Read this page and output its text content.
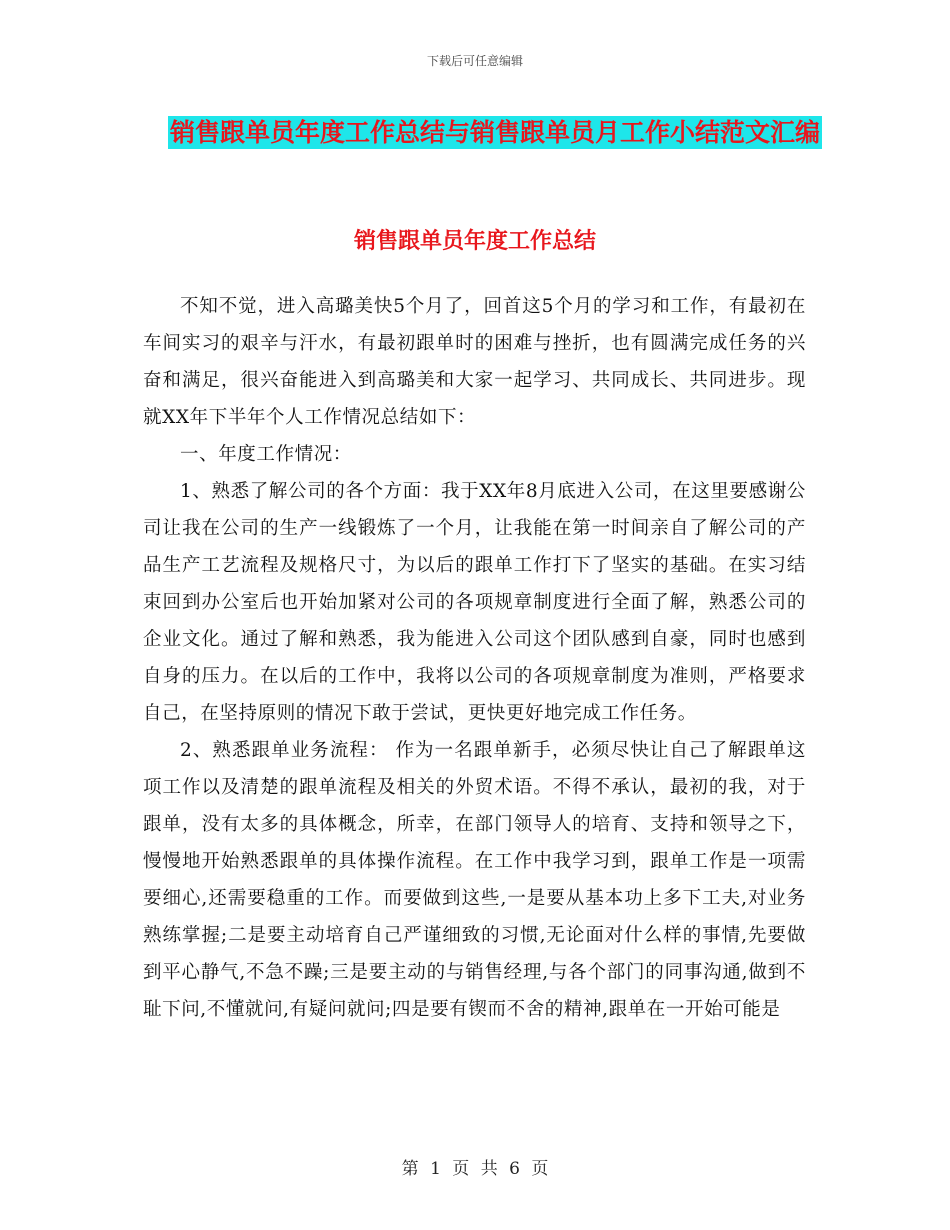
下载后可任意编辑
销售跟单员年度工作总结与销售跟单员月工作小结范文汇编
销售跟单员年度工作总结

不知不觉，进入高璐美快5个月了，回首这5个月的学习和工作，有最初在车间实习的艰辛与汗水，有最初跟单时的困难与挫折，也有圆满完成任务的兴奋和满足，很兴奋能进入到高璐美和大家一起学习、共同成长、共同进步。现就XX年下半年个人工作情况总结如下：

一、年度工作情况：

1、熟悉了解公司的各个方面：我于XX年8月底进入公司，在这里要感谢公司让我在公司的生产一线锻炼了一个月，让我能在第一时间亲自了解公司的产品生产工艺流程及规格尺寸，为以后的跟单工作打下了坚实的基础。在实习结束回到办公室后也开始加紧对公司的各项规章制度进行全面了解，熟悉公司的企业文化。通过了解和熟悉，我为能进入公司这个团队感到自豪，同时也感到自身的压力。在以后的工作中，我将以公司的各项规章制度为准则，严格要求自己，在坚持原则的情况下敢于尝试，更快更好地完成工作任务。

2、熟悉跟单业务流程： 作为一名跟单新手，必须尽快让自己了解跟单这项工作以及清楚的跟单流程及相关的外贸术语。不得不承认，最初的我，对于跟单，没有太多的具体概念，所幸，在部门领导人的培育、支持和领导之下，慢慢地开始熟悉跟单的具体操作流程。在工作中我学习到，跟单工作是一项需要细心,还需要稳重的工作。而要做到这些,一是要从基本功上多下工夫,对业务熟练掌握;二是要主动培育自己严谨细致的习惯,无论面对什么样的事情,先要做到平心静气,不急不躁;三是要主动的与销售经理,与各个部门的同事沟通,做到不耻下问,不懂就问,有疑问就问;四是要有锲而不舍的精神,跟单在一开始可能是

第 1 页 共 6 页
